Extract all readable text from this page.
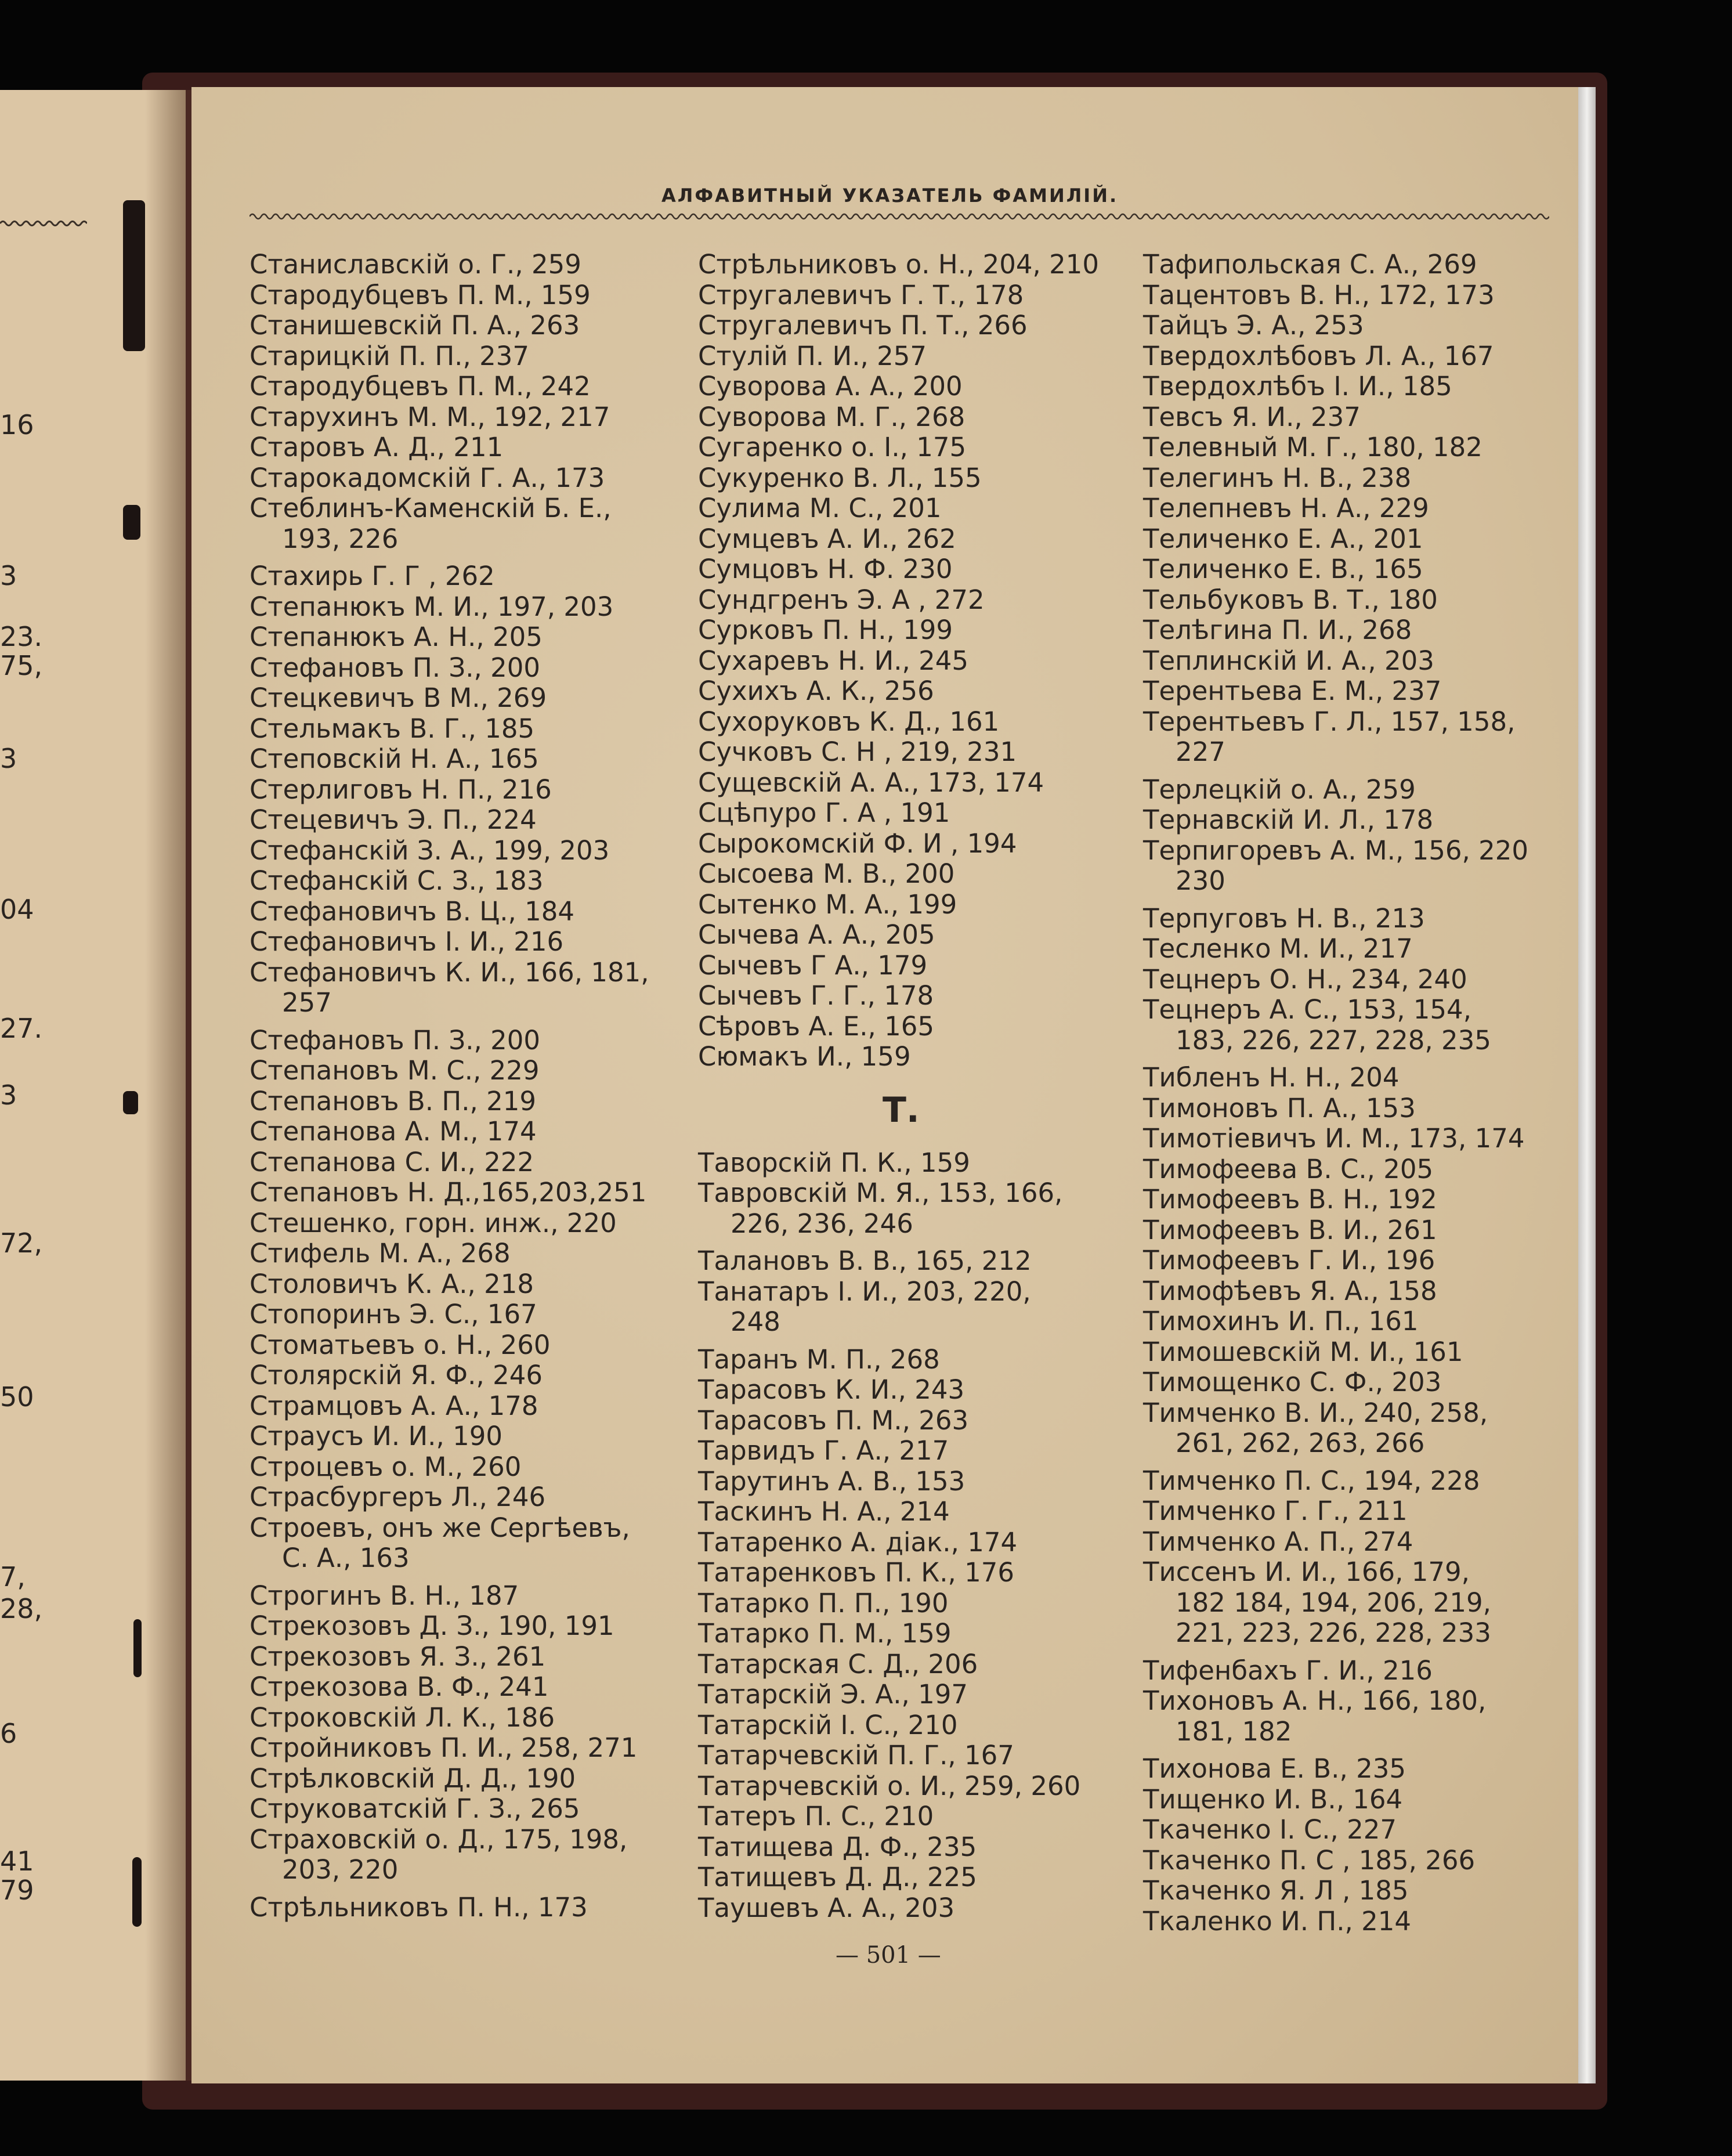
16
3
23.
75,
3
04
27.
3
72,
50
7,
28,
6
41
79
АЛФАВИТНЫЙ УКАЗАТЕЛЬ ФАМИЛІЙ.
Станиславскій о. Г., 259
Стародубцевъ П. М., 159
Станишевскій П. А., 263
Старицкій П. П., 237
Стародубцевъ П. М., 242
Старухинъ М. М., 192, 217
Старовъ А. Д., 211
Старокадомскій Г. А., 173
Стеблинъ-Каменскій Б. Е.,
193, 226
Стахирь Г. Г , 262
Степанюкъ М. И., 197, 203
Степанюкъ А. Н., 205
Стефановъ П. З., 200
Стецкевичъ В М., 269
Стельмакъ В. Г., 185
Степовскій Н. А., 165
Стерлиговъ Н. П., 216
Стецевичъ Э. П., 224
Стефанскій З. А., 199, 203
Стефанскій С. З., 183
Стефановичъ В. Ц., 184
Стефановичъ І. И., 216
Стефановичъ К. И., 166, 181,
257
Стефановъ П. З., 200
Степановъ М. С., 229
Степановъ В. П., 219
Степанова А. М., 174
Степанова С. И., 222
Степановъ Н. Д.,165,203,251
Стешенко, горн. инж., 220
Стифель М. А., 268
Столовичъ К. А., 218
Стопоринъ Э. С., 167
Стоматьевъ о. Н., 260
Столярскій Я. Ф., 246
Страмцовъ А. А., 178
Страусъ И. И., 190
Строцевъ о. М., 260
Страсбургеръ Л., 246
Строевъ, онъ же Сергѣевъ,
С. А., 163
Строгинъ В. Н., 187
Стрекозовъ Д. З., 190, 191
Стрекозовъ Я. З., 261
Стрекозова В. Ф., 241
Строковскій Л. К., 186
Стройниковъ П. И., 258, 271
Стрѣлковскій Д. Д., 190
Струковатскій Г. З., 265
Страховскій о. Д., 175, 198,
203, 220
Стрѣльниковъ П. Н., 173
Стрѣльниковъ о. Н., 204, 210
Стругалевичъ Г. Т., 178
Стругалевичъ П. Т., 266
Стулій П. И., 257
Суворова А. А., 200
Суворова М. Г., 268
Сугаренко о. І., 175
Сукуренко В. Л., 155
Сулима М. С., 201
Сумцевъ А. И., 262
Сумцовъ Н. Ф. 230
Сундгренъ Э. А , 272
Сурковъ П. Н., 199
Сухаревъ Н. И., 245
Сухихъ А. К., 256
Сухоруковъ К. Д., 161
Сучковъ С. Н , 219, 231
Сущевскій А. А., 173, 174
Сцѣпуро Г. А , 191
Сырокомскій Ф. И , 194
Сысоева М. В., 200
Сытенко М. А., 199
Сычева А. А., 205
Сычевъ Г А., 179
Сычевъ Г. Г., 178
Сѣровъ А. Е., 165
Сюмакъ И., 159
Т.
Таворскій П. К., 159
Тавровскій М. Я., 153, 166,
226, 236, 246
Талановъ В. В., 165, 212
Танатаръ І. И., 203, 220,
248
Таранъ М. П., 268
Тарасовъ К. И., 243
Тарасовъ П. М., 263
Тарвидъ Г. А., 217
Тарутинъ А. В., 153
Таскинъ Н. А., 214
Татаренко А. діак., 174
Татаренковъ П. К., 176
Татарко П. П., 190
Татарко П. М., 159
Татарская С. Д., 206
Татарскій Э. А., 197
Татарскій І. С., 210
Татарчевскій П. Г., 167
Татарчевскій о. И., 259, 260
Татеръ П. С., 210
Татищева Д. Ф., 235
Татищевъ Д. Д., 225
Таушевъ А. А., 203
Тафипольская С. А., 269
Тацентовъ В. Н., 172, 173
Тайцъ Э. А., 253
Твердохлѣбовъ Л. А., 167
Твердохлѣбъ І. И., 185
Тевсъ Я. И., 237
Телевный М. Г., 180, 182
Телегинъ Н. В., 238
Телепневъ Н. А., 229
Теличенко Е. А., 201
Теличенко Е. В., 165
Тельбуковъ В. Т., 180
Телѣгина П. И., 268
Теплинскій И. А., 203
Терентьева Е. М., 237
Терентьевъ Г. Л., 157, 158,
227
Терлецкій о. А., 259
Тернавскій И. Л., 178
Терпигоревъ А. М., 156, 220
230
Терпуговъ Н. В., 213
Тесленко М. И., 217
Тецнеръ О. Н., 234, 240
Тецнеръ А. С., 153, 154,
183, 226, 227, 228, 235
Тибленъ Н. Н., 204
Тимоновъ П. А., 153
Тимотіевичъ И. М., 173, 174
Тимофеева В. С., 205
Тимофеевъ В. Н., 192
Тимофеевъ В. И., 261
Тимофеевъ Г. И., 196
Тимофѣевъ Я. А., 158
Тимохинъ И. П., 161
Тимошевскій М. И., 161
Тимощенко С. Ф., 203
Тимченко В. И., 240, 258,
261, 262, 263, 266
Тимченко П. С., 194, 228
Тимченко Г. Г., 211
Тимченко А. П., 274
Тиссенъ И. И., 166, 179,
182 184, 194, 206, 219,
221, 223, 226, 228, 233
Тифенбахъ Г. И., 216
Тихоновъ А. Н., 166, 180,
181, 182
Тихонова Е. В., 235
Тищенко И. В., 164
Ткаченко І. С., 227
Ткаченко П. С , 185, 266
Ткаченко Я. Л , 185
Ткаленко И. П., 214
— 501 —
